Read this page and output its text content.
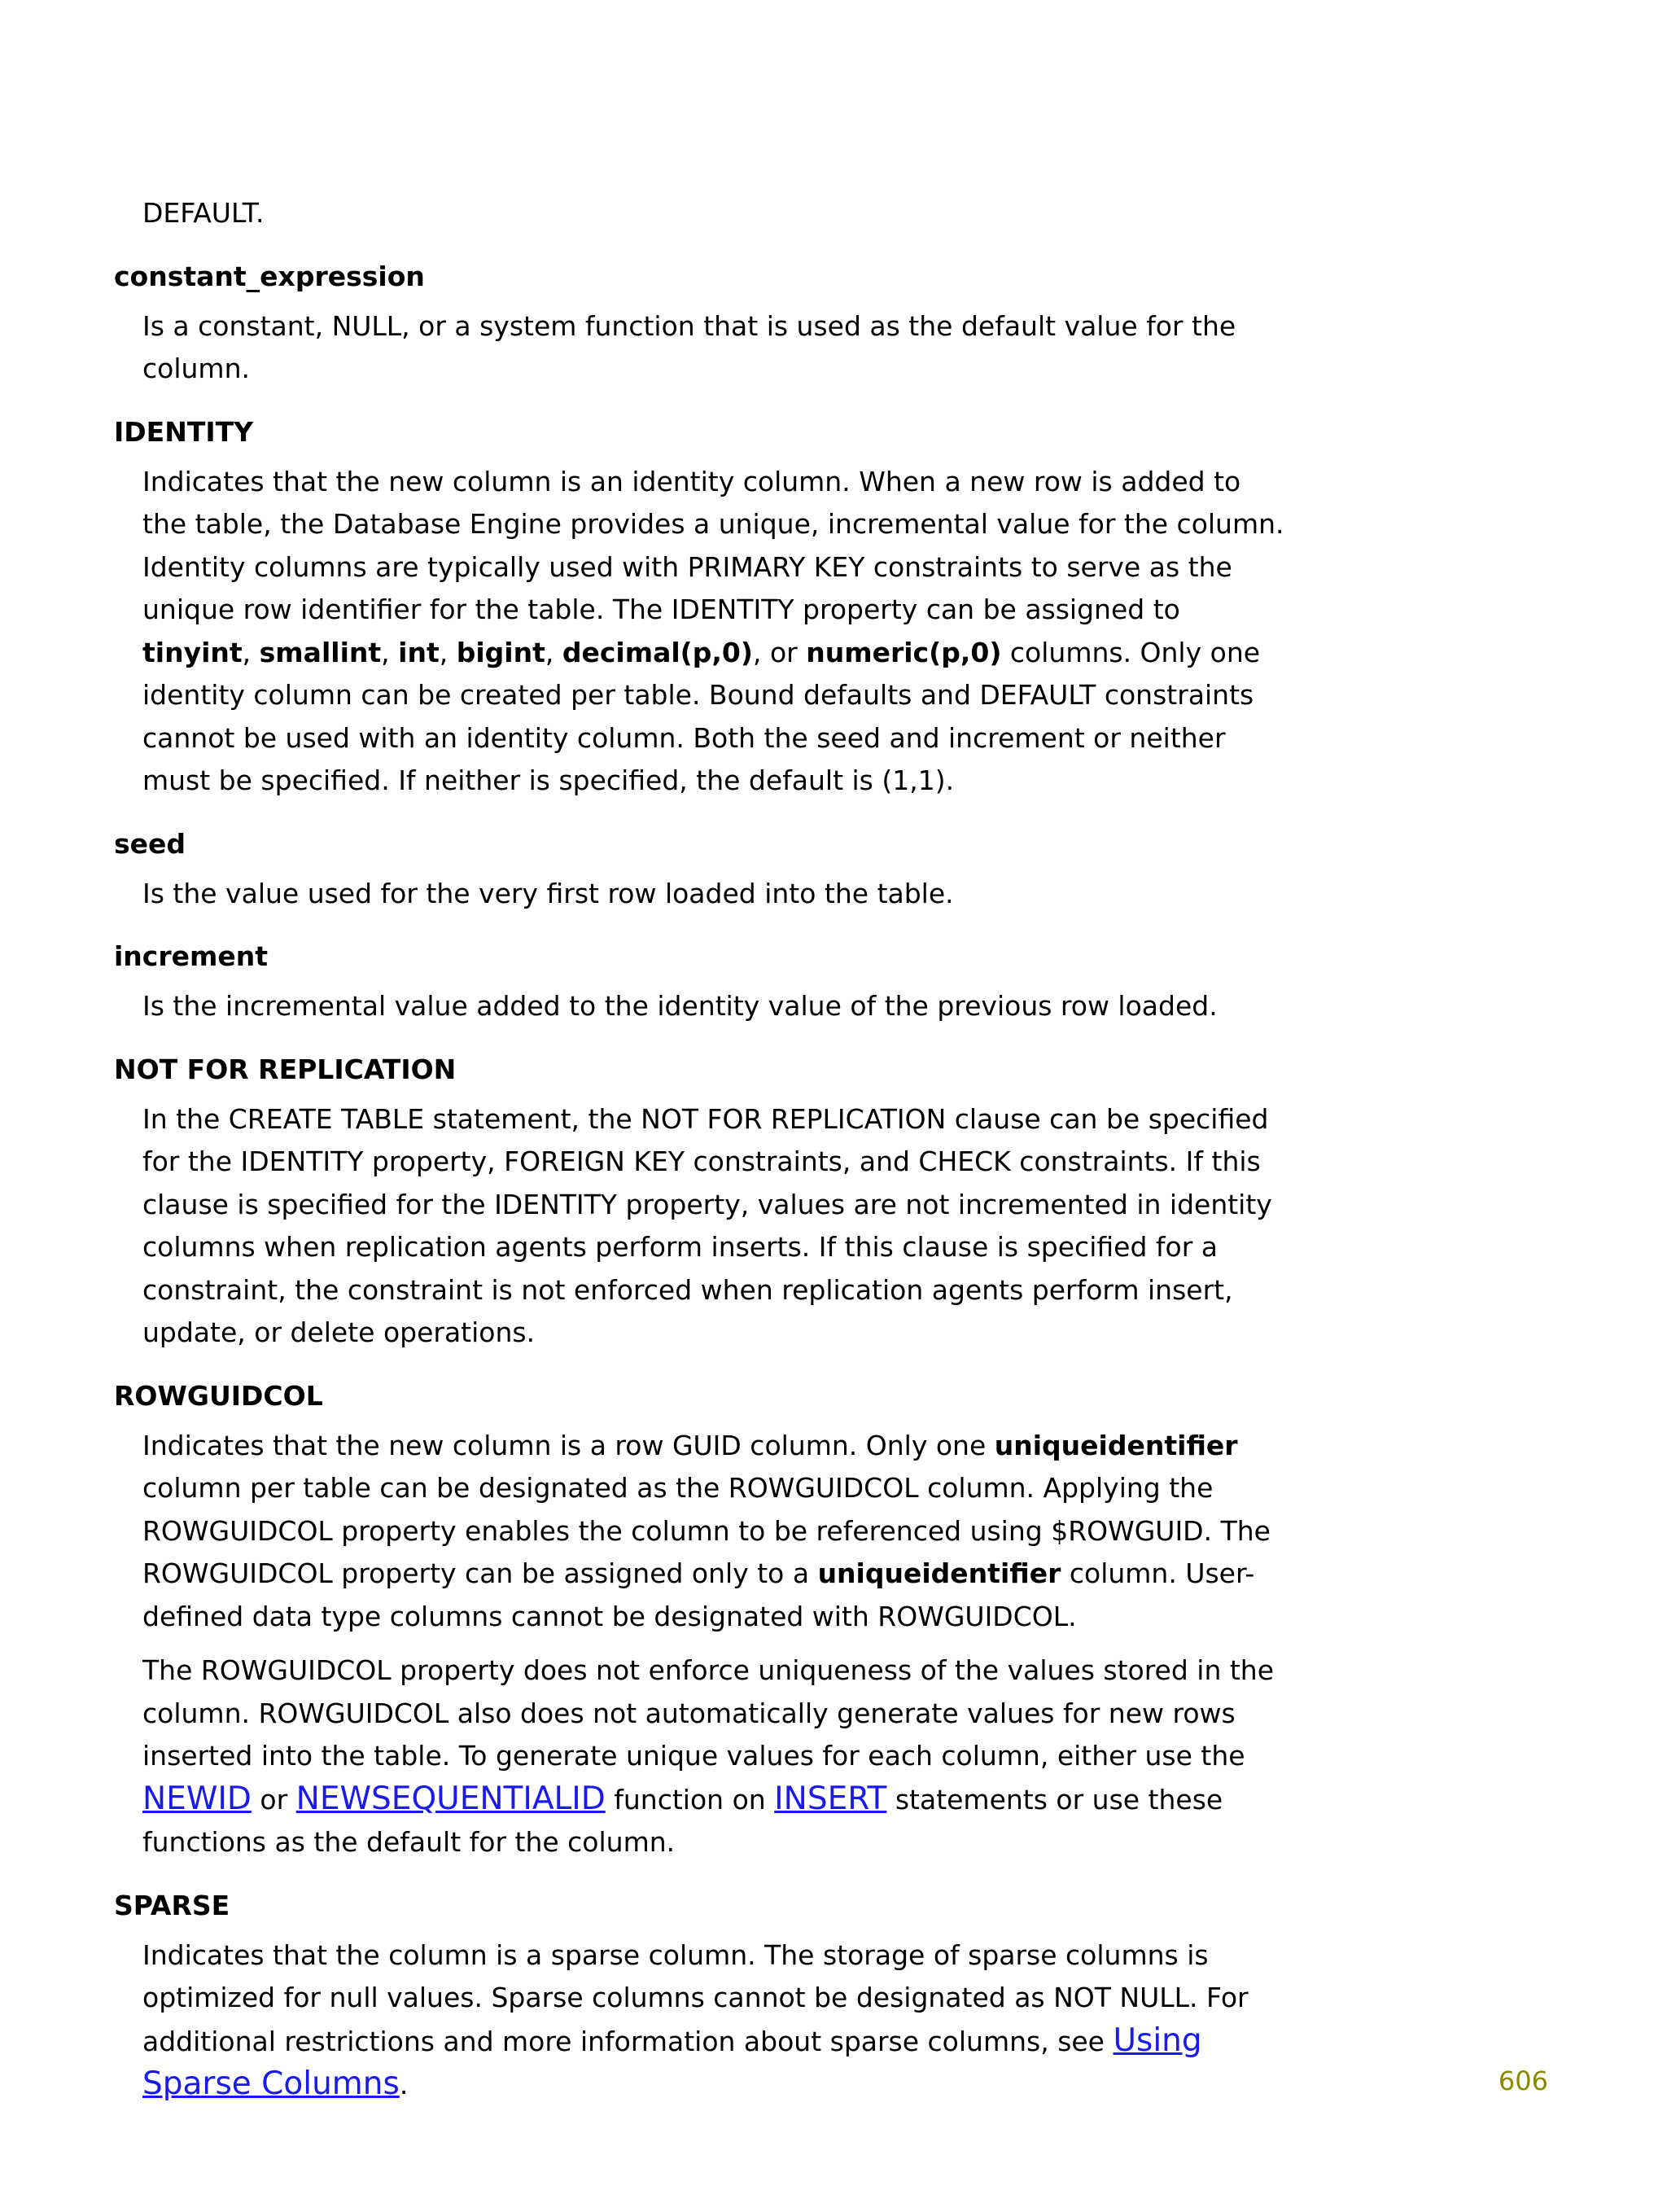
DEFAULT.
constant_expression
Is a constant, NULL, or a system function that is used as the default value for the column.
IDENTITY
Indicates that the new column is an identity column. When a new row is added to the table, the Database Engine provides a unique, incremental value for the column. Identity columns are typically used with PRIMARY KEY constraints to serve as the unique row identifier for the table. The IDENTITY property can be assigned to tinyint, smallint, int, bigint, decimal(p,0), or numeric(p,0) columns. Only one identity column can be created per table. Bound defaults and DEFAULT constraints cannot be used with an identity column. Both the seed and increment or neither must be specified. If neither is specified, the default is (1,1).
seed
Is the value used for the very first row loaded into the table.
increment
Is the incremental value added to the identity value of the previous row loaded.
NOT FOR REPLICATION
In the CREATE TABLE statement, the NOT FOR REPLICATION clause can be specified for the IDENTITY property, FOREIGN KEY constraints, and CHECK constraints. If this clause is specified for the IDENTITY property, values are not incremented in identity columns when replication agents perform inserts. If this clause is specified for a constraint, the constraint is not enforced when replication agents perform insert, update, or delete operations.
ROWGUIDCOL

Indicates that the new column is a row GUID column. Only one uniqueidentifier column per table can be designated as the ROWGUIDCOL column. Applying the ROWGUIDCOL property enables the column to be referenced using $ROWGUID. The ROWGUIDCOL property can be assigned only to a uniqueidentifier column. User-defined data type columns cannot be designated with ROWGUIDCOL.

The ROWGUIDCOL property does not enforce uniqueness of the values stored in the column. ROWGUIDCOL also does not automatically generate values for new rows inserted into the table. To generate unique values for each column, either use the NEWID or NEWSEQUENTIALID function on INSERT statements or use these functions as the default for the column.

SPARSE
Indicates that the column is a sparse column. The storage of sparse columns is optimized for null values. Sparse columns cannot be designated as NOT NULL. For additional restrictions and more information about sparse columns, see Using Sparse Columns.	606
